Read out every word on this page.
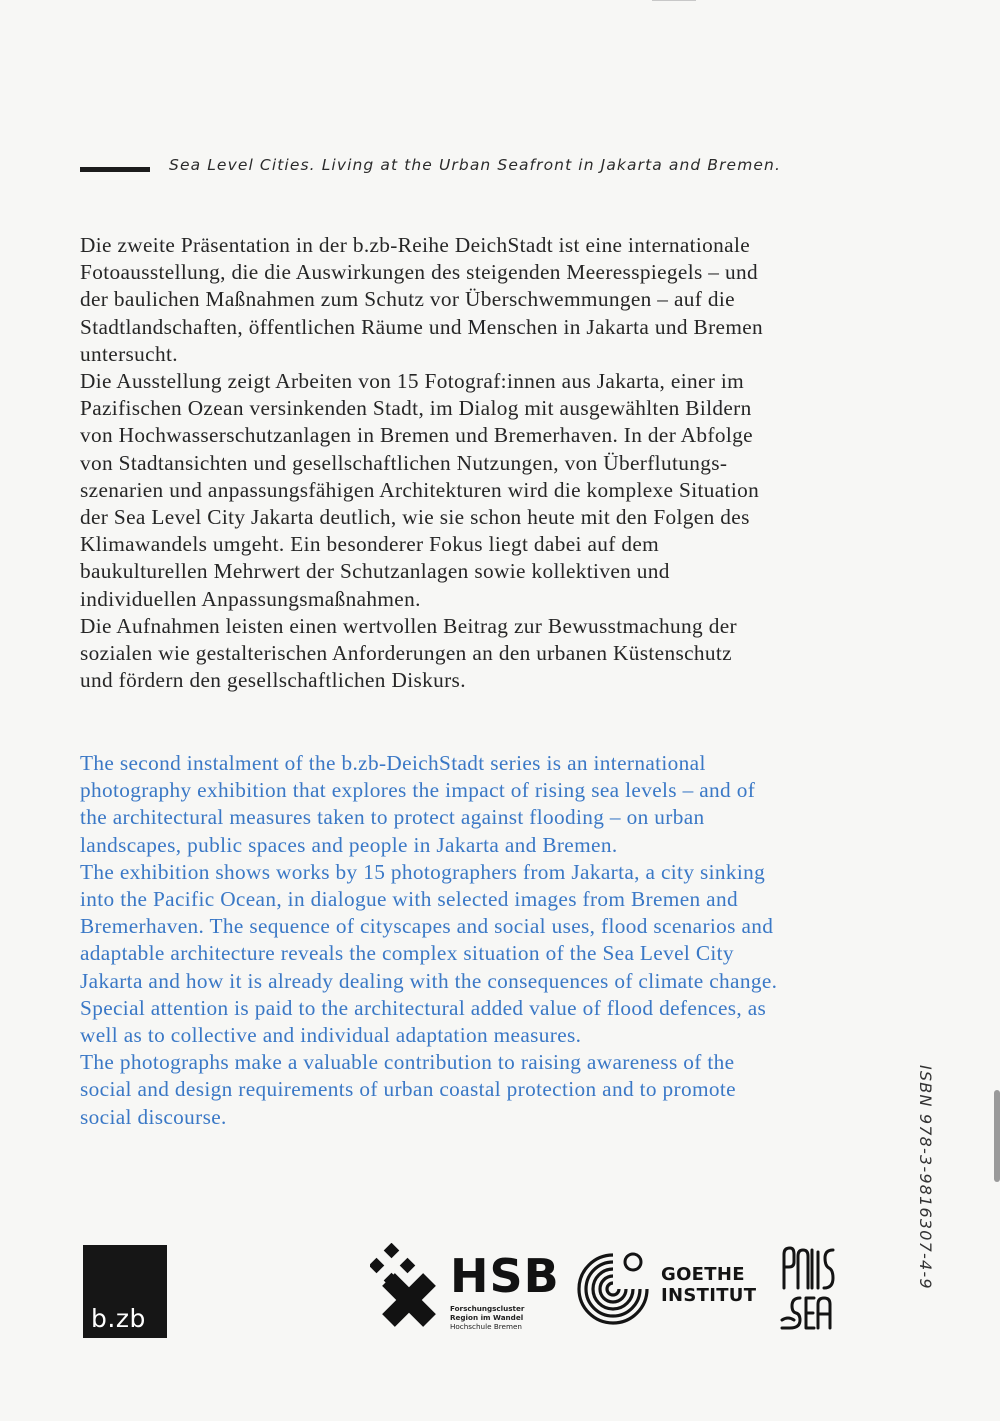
Sea Level Cities. Living at the Urban Seafront in Jakarta and Bremen.

Die zweite Präsentation in der b.zb-Reihe DeichStadt ist eine internationale

Fotoausstellung, die die Auswirkungen des steigenden Meeresspiegels – und

der baulichen Maßnahmen zum Schutz vor Überschwemmungen – auf die

Stadtlandschaften, öffentlichen Räume und Menschen in Jakarta und Bremen

untersucht.

Die Ausstellung zeigt Arbeiten von 15 Fotograf:innen aus Jakarta, einer im

Pazifischen Ozean versinkenden Stadt, im Dialog mit ausgewählten Bildern

von Hochwasserschutzanlagen in Bremen und Bremerhaven. In der Abfolge

von Stadtansichten und gesellschaftlichen Nutzungen, von Überflutungs-

szenarien und anpassungsfähigen Architekturen wird die komplexe Situation

der Sea Level City Jakarta deutlich, wie sie schon heute mit den Folgen des

Klimawandels umgeht. Ein besonderer Fokus liegt dabei auf dem

baukulturellen Mehrwert der Schutzanlagen sowie kollektiven und

individuellen Anpassungsmaßnahmen.

Die Aufnahmen leisten einen wertvollen Beitrag zur Bewusstmachung der

sozialen wie gestalterischen Anforderungen an den urbanen Küstenschutz

und fördern den gesellschaftlichen Diskurs.

The second instalment of the b.zb-DeichStadt series is an international

photography exhibition that explores the impact of rising sea levels – and of

the architectural measures taken to protect against flooding – on urban

landscapes, public spaces and people in Jakarta and Bremen.

The exhibition shows works by 15 photographers from Jakarta, a city sinking

into the Pacific Ocean, in dialogue with selected images from Bremen and

Bremerhaven. The sequence of cityscapes and social uses, flood scenarios and

adaptable architecture reveals the complex situation of the Sea Level City

Jakarta and how it is already dealing with the consequences of climate change.

Special attention is paid to the architectural added value of flood defences, as

well as to collective and individual adaptation measures.

The photographs make a valuable contribution to raising awareness of the

social and design requirements of urban coastal protection and to promote

social discourse.	ISBN 978-3-9816307-4-9
b.zb
HSB
Forschungscluster
Region im Wandel
Hochschule Bremen
GOETHE
INSTITUT
